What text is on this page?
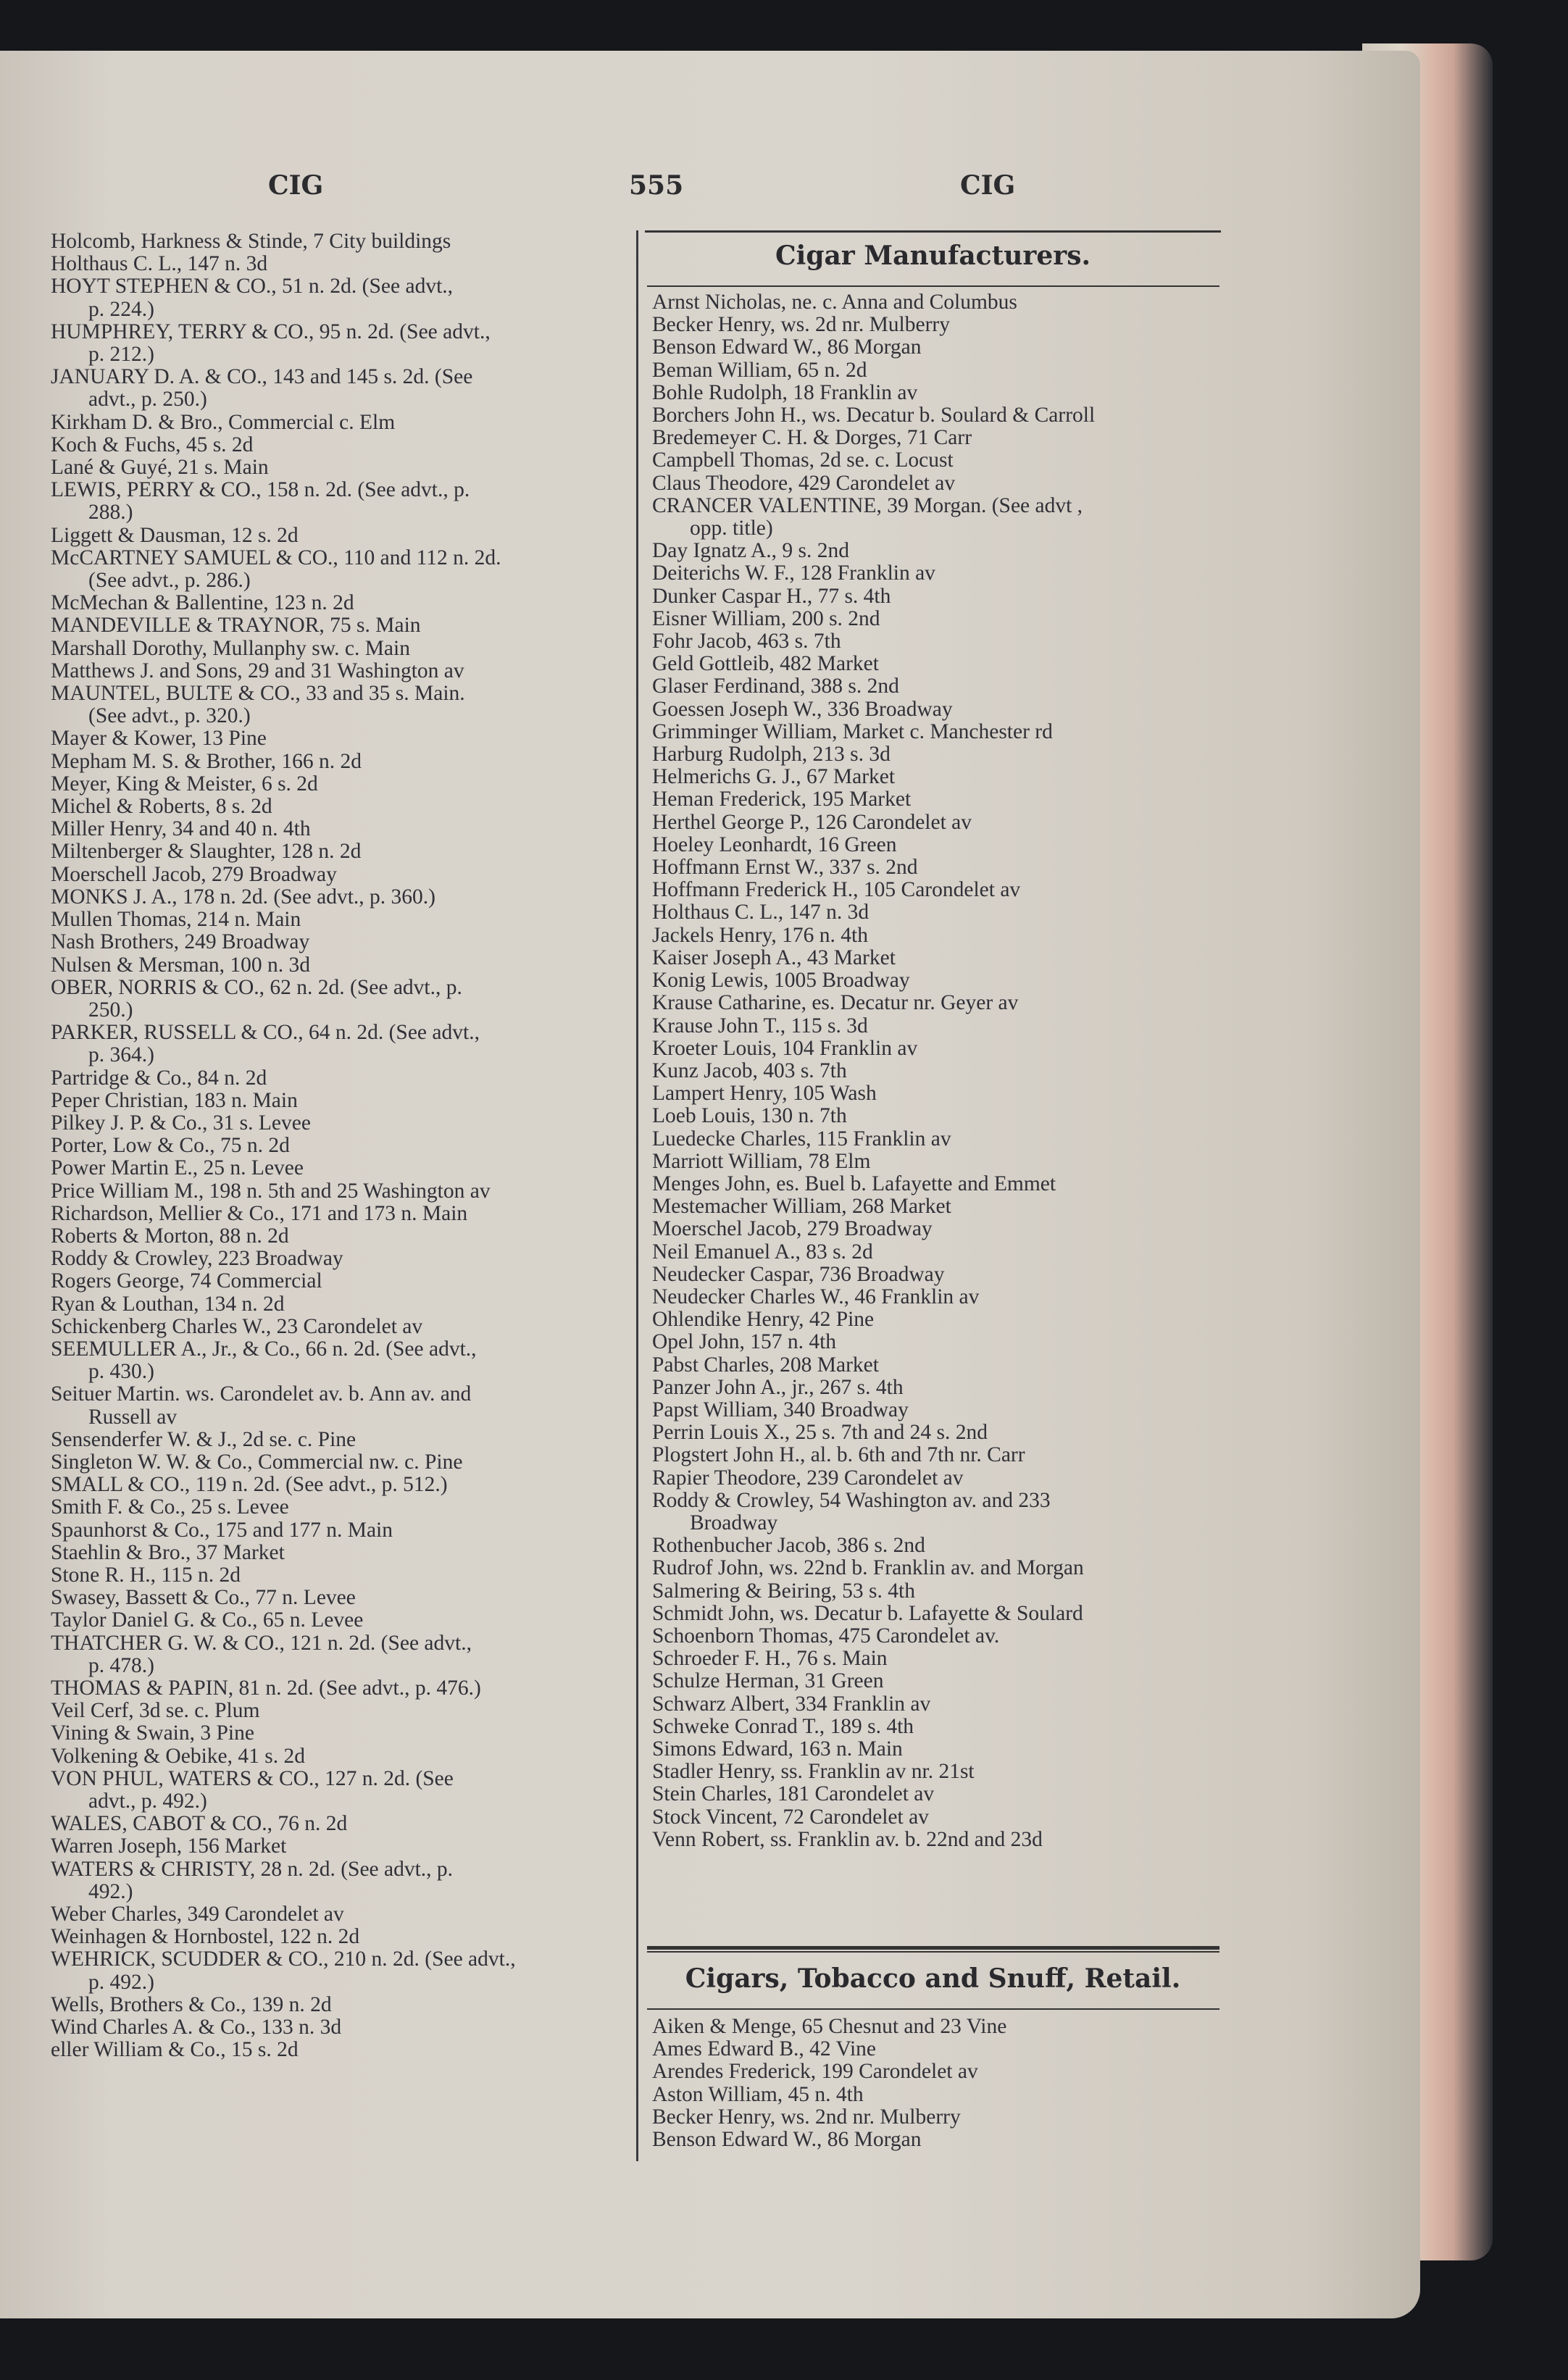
CIG	555	CIG
Holcomb, Harkness & Stinde, 7 City buildings
Holthaus C. L., 147 n. 3d
HOYT STEPHEN & CO., 51 n. 2d. (See advt.,
p. 224.)
HUMPHREY, TERRY & CO., 95 n. 2d. (See advt.,
p. 212.)
JANUARY D. A. & CO., 143 and 145 s. 2d. (See
advt., p. 250.)
Kirkham D. & Bro., Commercial c. Elm
Koch & Fuchs, 45 s. 2d
Lané & Guyé, 21 s. Main
LEWIS, PERRY & CO., 158 n. 2d. (See advt., p.
288.)
Liggett & Dausman, 12 s. 2d
McCARTNEY SAMUEL & CO., 110 and 112 n. 2d.
(See advt., p. 286.)
McMechan & Ballentine, 123 n. 2d
MANDEVILLE & TRAYNOR, 75 s. Main
Marshall Dorothy, Mullanphy sw. c. Main
Matthews J. and Sons, 29 and 31 Washington av
MAUNTEL, BULTE & CO., 33 and 35 s. Main.
(See advt., p. 320.)
Mayer & Kower, 13 Pine
Mepham M. S. & Brother, 166 n. 2d
Meyer, King & Meister, 6 s. 2d
Michel & Roberts, 8 s. 2d
Miller Henry, 34 and 40 n. 4th
Miltenberger & Slaughter, 128 n. 2d
Moerschell Jacob, 279 Broadway
MONKS J. A., 178 n. 2d. (See advt., p. 360.)
Mullen Thomas, 214 n. Main
Nash Brothers, 249 Broadway
Nulsen & Mersman, 100 n. 3d
OBER, NORRIS & CO., 62 n. 2d. (See advt., p.
250.)
PARKER, RUSSELL & CO., 64 n. 2d. (See advt.,
p. 364.)
Partridge & Co., 84 n. 2d
Peper Christian, 183 n. Main
Pilkey J. P. & Co., 31 s. Levee
Porter, Low & Co., 75 n. 2d
Power Martin E., 25 n. Levee
Price William M., 198 n. 5th and 25 Washington av
Richardson, Mellier & Co., 171 and 173 n. Main
Roberts & Morton, 88 n. 2d
Roddy & Crowley, 223 Broadway
Rogers George, 74 Commercial
Ryan & Louthan, 134 n. 2d
Schickenberg Charles W., 23 Carondelet av
SEEMULLER A., Jr., & Co., 66 n. 2d. (See advt.,
p. 430.)
Seituer Martin. ws. Carondelet av. b. Ann av. and
Russell av
Sensenderfer W. & J., 2d se. c. Pine
Singleton W. W. & Co., Commercial nw. c. Pine
SMALL & CO., 119 n. 2d. (See advt., p. 512.)
Smith F. & Co., 25 s. Levee
Spaunhorst & Co., 175 and 177 n. Main
Staehlin & Bro., 37 Market
Stone R. H., 115 n. 2d
Swasey, Bassett & Co., 77 n. Levee
Taylor Daniel G. & Co., 65 n. Levee
THATCHER G. W. & CO., 121 n. 2d. (See advt.,
p. 478.)
THOMAS & PAPIN, 81 n. 2d. (See advt., p. 476.)
Veil Cerf, 3d se. c. Plum
Vining & Swain, 3 Pine
Volkening & Oebike, 41 s. 2d
VON PHUL, WATERS & CO., 127 n. 2d. (See
advt., p. 492.)
WALES, CABOT & CO., 76 n. 2d
Warren Joseph, 156 Market
WATERS & CHRISTY, 28 n. 2d. (See advt., p.
492.)
Weber Charles, 349 Carondelet av
Weinhagen & Hornbostel, 122 n. 2d
WEHRICK, SCUDDER & CO., 210 n. 2d. (See advt.,
p. 492.)
Wells, Brothers & Co., 139 n. 2d
Wind Charles A. & Co., 133 n. 3d
eller William & Co., 15 s. 2d
Cigar Manufacturers.
Arnst Nicholas, ne. c. Anna and Columbus
Becker Henry, ws. 2d nr. Mulberry
Benson Edward W., 86 Morgan
Beman William, 65 n. 2d
Bohle Rudolph, 18 Franklin av
Borchers John H., ws. Decatur b. Soulard & Carroll
Bredemeyer C. H. & Dorges, 71 Carr
Campbell Thomas, 2d se. c. Locust
Claus Theodore, 429 Carondelet av
CRANCER VALENTINE, 39 Morgan. (See advt ,
opp. title)
Day Ignatz A., 9 s. 2nd
Deiterichs W. F., 128 Franklin av
Dunker Caspar H., 77 s. 4th
Eisner William, 200 s. 2nd
Fohr Jacob, 463 s. 7th
Geld Gottleib, 482 Market
Glaser Ferdinand, 388 s. 2nd
Goessen Joseph W., 336 Broadway
Grimminger William, Market c. Manchester rd
Harburg Rudolph, 213 s. 3d
Helmerichs G. J., 67 Market
Heman Frederick, 195 Market
Herthel George P., 126 Carondelet av
Hoeley Leonhardt, 16 Green
Hoffmann Ernst W., 337 s. 2nd
Hoffmann Frederick H., 105 Carondelet av
Holthaus C. L., 147 n. 3d
Jackels Henry, 176 n. 4th
Kaiser Joseph A., 43 Market
Konig Lewis, 1005 Broadway
Krause Catharine, es. Decatur nr. Geyer av
Krause John T., 115 s. 3d
Kroeter Louis, 104 Franklin av
Kunz Jacob, 403 s. 7th
Lampert Henry, 105 Wash
Loeb Louis, 130 n. 7th
Luedecke Charles, 115 Franklin av
Marriott William, 78 Elm
Menges John, es. Buel b. Lafayette and Emmet
Mestemacher William, 268 Market
Moerschel Jacob, 279 Broadway
Neil Emanuel A., 83 s. 2d
Neudecker Caspar, 736 Broadway
Neudecker Charles W., 46 Franklin av
Ohlendike Henry, 42 Pine
Opel John, 157 n. 4th
Pabst Charles, 208 Market
Panzer John A., jr., 267 s. 4th
Papst William, 340 Broadway
Perrin Louis X., 25 s. 7th and 24 s. 2nd
Plogstert John H., al. b. 6th and 7th nr. Carr
Rapier Theodore, 239 Carondelet av
Roddy & Crowley, 54 Washington av. and 233
Broadway
Rothenbucher Jacob, 386 s. 2nd
Rudrof John, ws. 22nd b. Franklin av. and Morgan
Salmering & Beiring, 53 s. 4th
Schmidt John, ws. Decatur b. Lafayette & Soulard
Schoenborn Thomas, 475 Carondelet av.
Schroeder F. H., 76 s. Main
Schulze Herman, 31 Green
Schwarz Albert, 334 Franklin av
Schweke Conrad T., 189 s. 4th
Simons Edward, 163 n. Main
Stadler Henry, ss. Franklin av nr. 21st
Stein Charles, 181 Carondelet av
Stock Vincent, 72 Carondelet av
Venn Robert, ss. Franklin av. b. 22nd and 23d
Cigars, Tobacco and Snuff, Retail.
Aiken & Menge, 65 Chesnut and 23 Vine
Ames Edward B., 42 Vine
Arendes Frederick, 199 Carondelet av
Aston William, 45 n. 4th
Becker Henry, ws. 2nd nr. Mulberry
Benson Edward W., 86 Morgan
